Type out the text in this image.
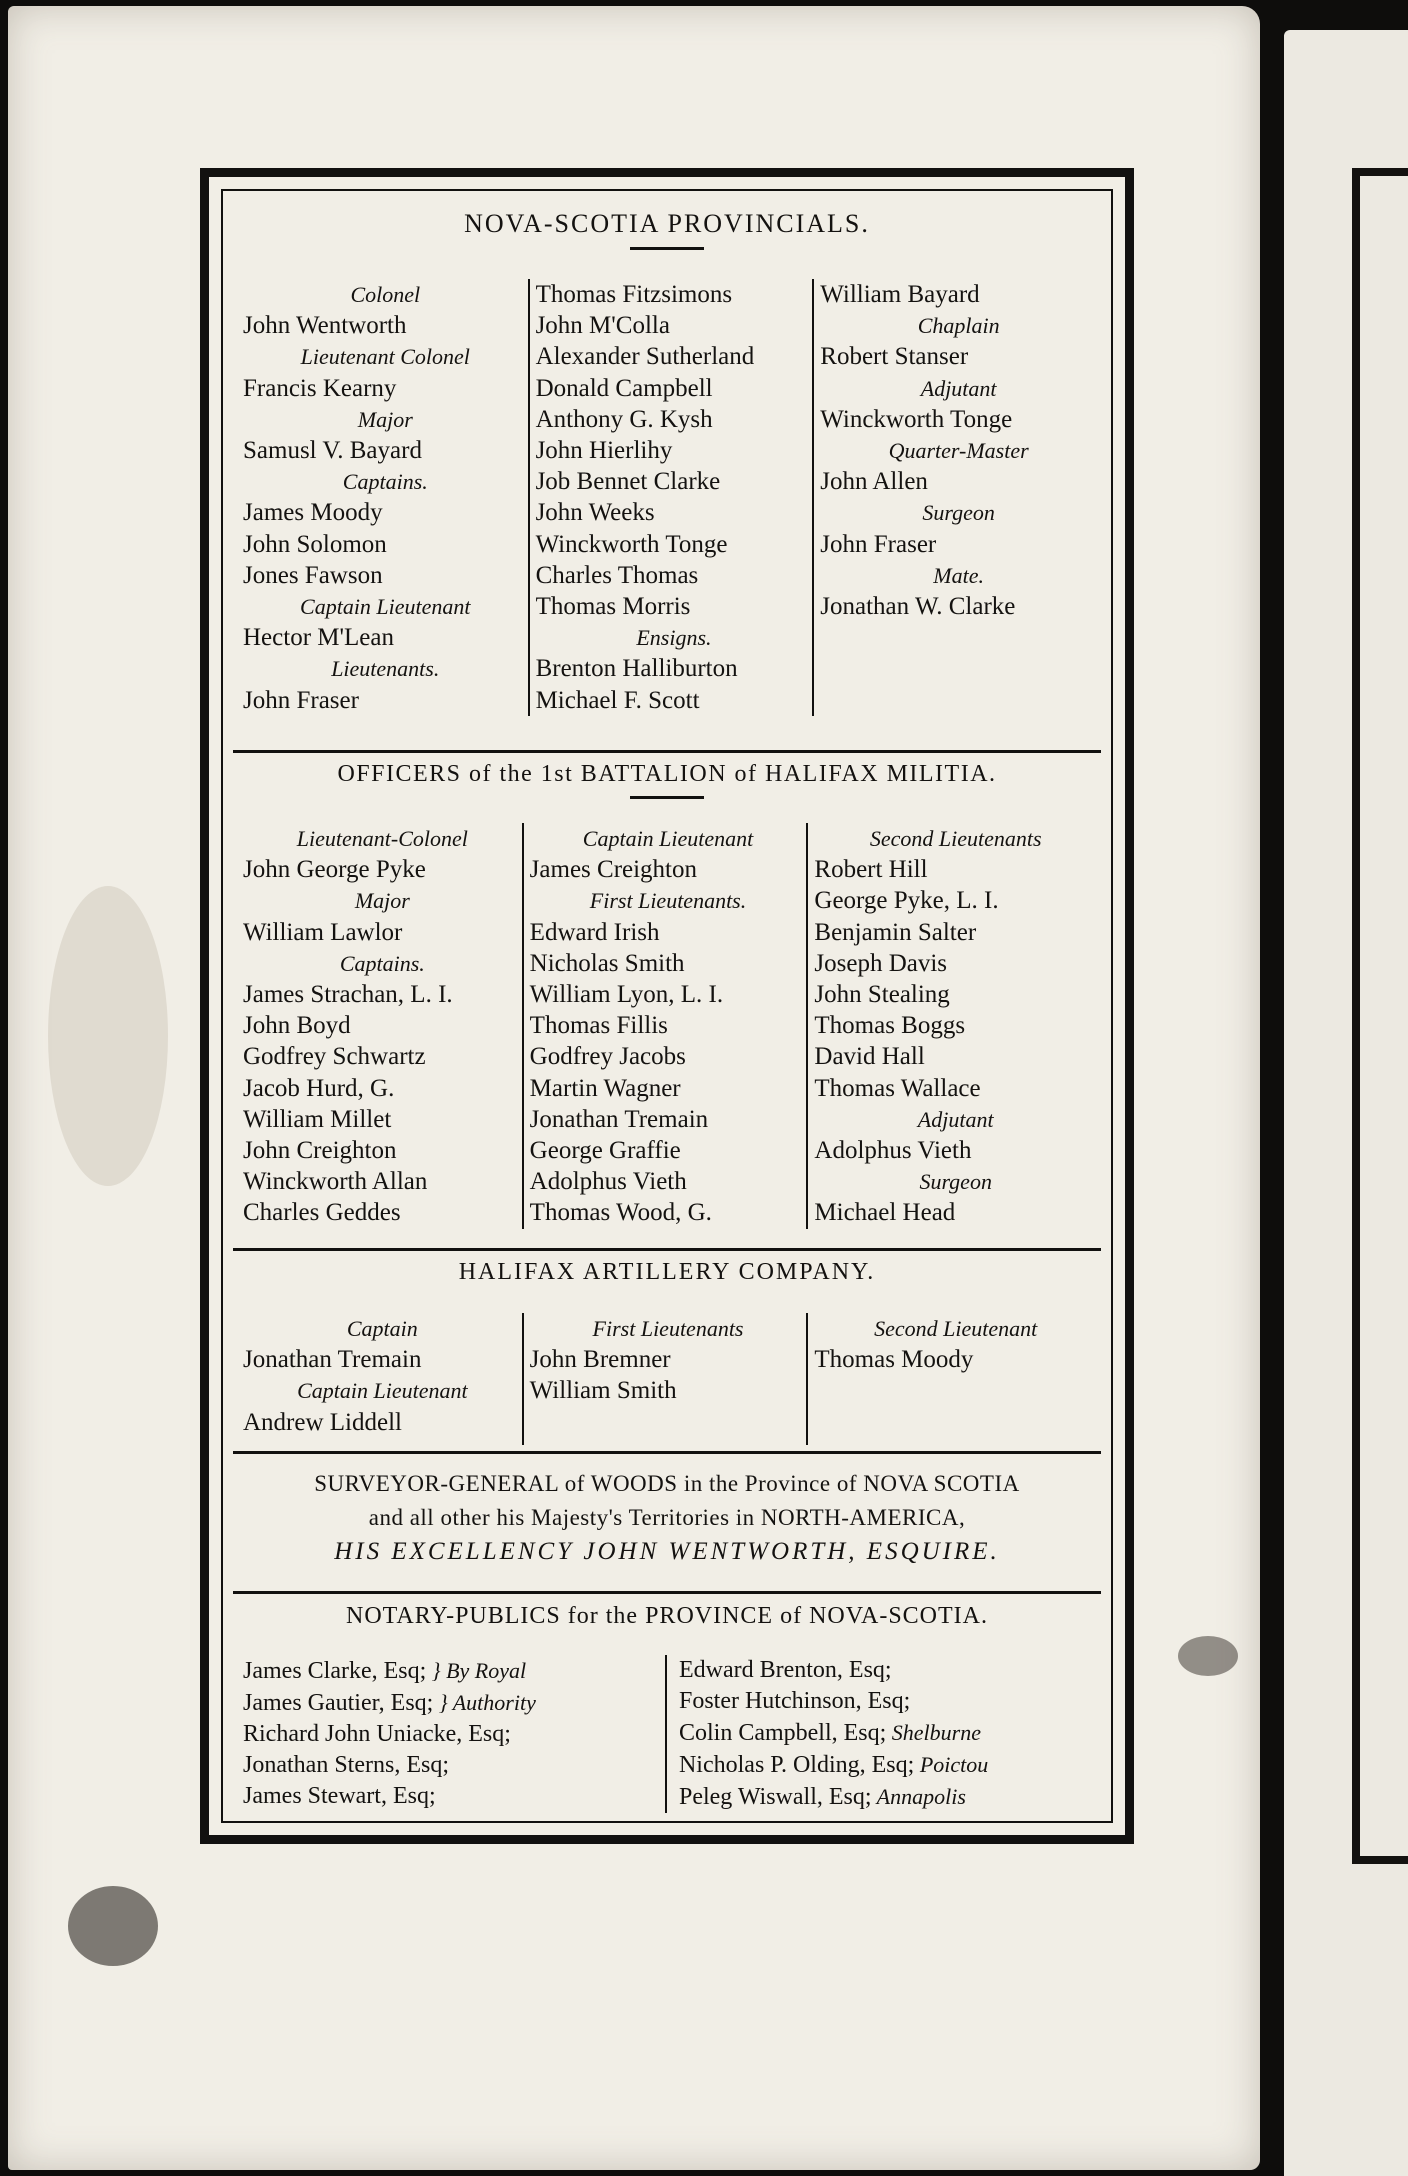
NOVA-SCOTIA PROVINCIALS.
Colonel
John Wentworth
Lieutenant Colonel
Francis Kearny
Major
Samusl V. Bayard
Captains.
James Moody
John Solomon
Jones Fawson
Captain Lieutenant
Hector M'Lean
Lieutenants.
John Fraser
Thomas Fitzsimons
John M'Colla
Alexander Sutherland
Donald Campbell
Anthony G. Kysh
John Hierlihy
Job Bennet Clarke
John Weeks
Winckworth Tonge
Charles Thomas
Thomas Morris
Ensigns.
Brenton Halliburton
Michael F. Scott
William Bayard
Chaplain
Robert Stanser
Adjutant
Winckworth Tonge
Quarter-Master
John Allen
Surgeon
John Fraser
Mate.
Jonathan W. Clarke
OFFICERS of the 1st BATTALION of HALIFAX MILITIA.
Lieutenant-Colonel
John George Pyke
Major
William Lawlor
Captains.
James Strachan, L. I.
John Boyd
Godfrey Schwartz
Jacob Hurd, G.
William Millet
John Creighton
Winckworth Allan
Charles Geddes
Captain Lieutenant
James Creighton
First Lieutenants.
Edward Irish
Nicholas Smith
William Lyon, L. I.
Thomas Fillis
Godfrey Jacobs
Martin Wagner
Jonathan Tremain
George Graffie
Adolphus Vieth
Thomas Wood, G.
Second Lieutenants
Robert Hill
George Pyke, L. I.
Benjamin Salter
Joseph Davis
John Stealing
Thomas Boggs
David Hall
Thomas Wallace
Adjutant
Adolphus Vieth
Surgeon
Michael Head
HALIFAX ARTILLERY COMPANY.
Captain
Jonathan Tremain
Captain Lieutenant
Andrew Liddell
First Lieutenants
John Bremner
William Smith
Second Lieutenant
Thomas Moody
SURVEYOR-GENERAL of WOODS in the Province of NOVA SCOTIA
and all other his Majesty's Territories in NORTH-AMERICA,
HIS EXCELLENCY JOHN WENTWORTH, ESQUIRE.
NOTARY-PUBLICS for the PROVINCE of NOVA-SCOTIA.
James Clarke, Esq; } By Royal
James Gautier, Esq; } Authority
Richard John Uniacke, Esq;
Jonathan Sterns, Esq;
James Stewart, Esq;
Edward Brenton, Esq;
Foster Hutchinson, Esq;
Colin Campbell, Esq; Shelburne
Nicholas P. Olding, Esq; Poictou
Peleg Wiswall, Esq; Annapolis
